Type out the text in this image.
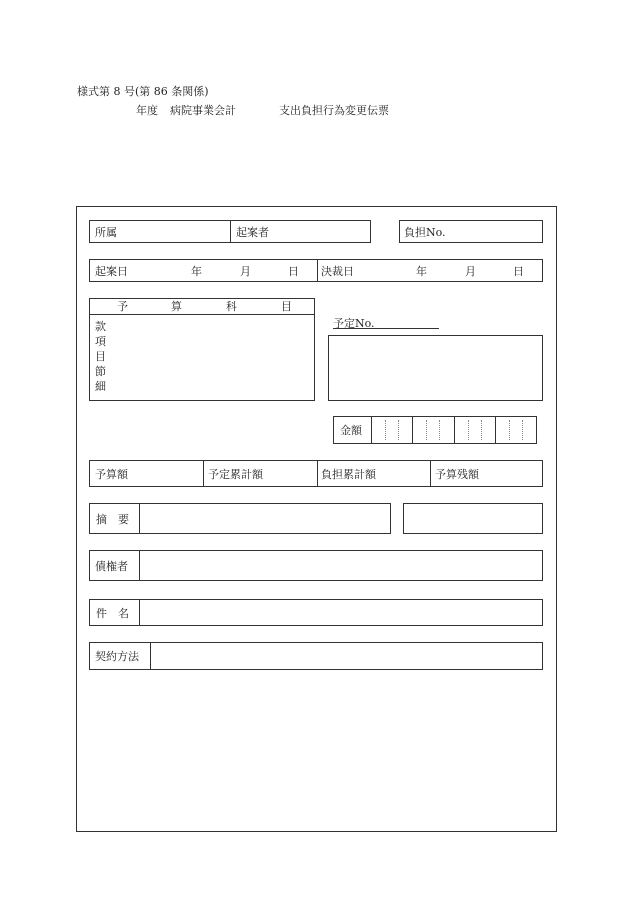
様式第 8 号(第 86 条関係)
年度 病院事業会計	支出負担行為変更伝票
所属	起案者	負担No.
起案日	年	月	日 決裁日	年	月	日
予	算	科	目
款
項
目
節
細
予定No.
金額
予算額	予定累計額	負担累計額	予算残額
摘　要
債権者
件　名
契約方法
